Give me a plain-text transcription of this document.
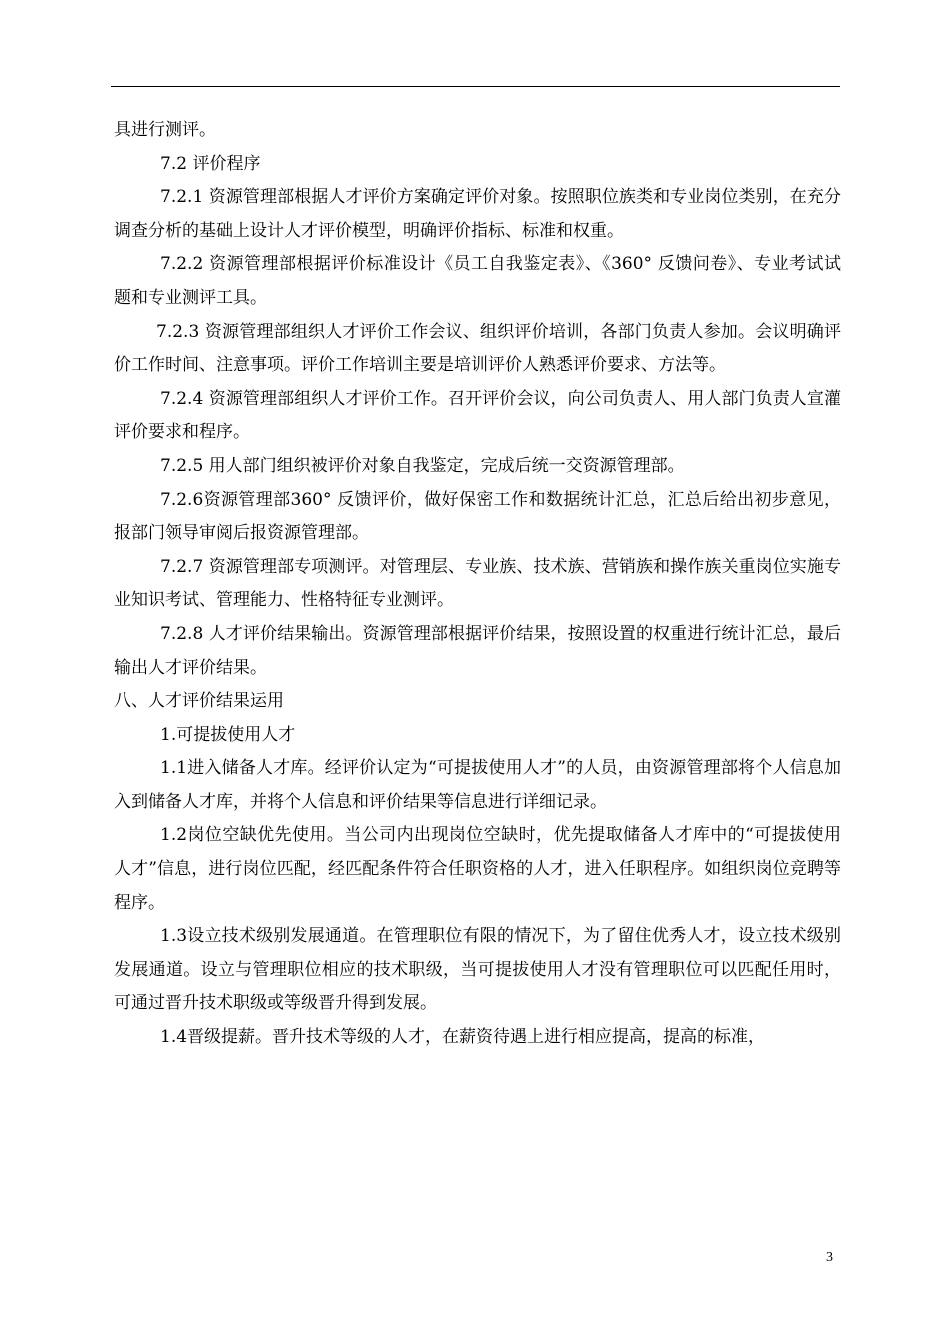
具进行测评。

7.2 评价程序

7.2.1 资源管理部根据人才评价方案确定评价对象。按照职位族类和专业岗位类别，在充分调查分析的基础上设计人才评价模型，明确评价指标、标准和权重。

7.2.2 资源管理部根据评价标准设计《员工自我鉴定表》、《360° 反馈问卷》、专业考试试题和专业测评工具。

7.2.3 资源管理部组织人才评价工作会议、组织评价培训，各部门负责人参加。会议明确评价工作时间、注意事项。评价工作培训主要是培训评价人熟悉评价要求、方法等。

7.2.4 资源管理部组织人才评价工作。召开评价会议，向公司负责人、用人部门负责人宣灌评价要求和程序。

7.2.5 用人部门组织被评价对象自我鉴定，完成后统一交资源管理部。

7.2.6资源管理部360° 反馈评价，做好保密工作和数据统计汇总，汇总后给出初步意见，报部门领导审阅后报资源管理部。

7.2.7 资源管理部专项测评。对管理层、专业族、技术族、营销族和操作族关重岗位实施专业知识考试、管理能力、性格特征专业测评。

7.2.8 人才评价结果输出。资源管理部根据评价结果，按照设置的权重进行统计汇总，最后输出人才评价结果。

八、人才评价结果运用

1.可提拔使用人才

1.1进入储备人才库。经评价认定为“可提拔使用人才”的人员，由资源管理部将个人信息加入到储备人才库，并将个人信息和评价结果等信息进行详细记录。

1.2岗位空缺优先使用。当公司内出现岗位空缺时，优先提取储备人才库中的“可提拔使用人才”信息，进行岗位匹配，经匹配条件符合任职资格的人才，进入任职程序。如组织岗位竞聘等程序。

1.3设立技术级别发展通道。在管理职位有限的情况下，为了留住优秀人才，设立技术级别发展通道。设立与管理职位相应的技术职级，当可提拔使用人才没有管理职位可以匹配任用时，可通过晋升技术职级或等级晋升得到发展。

1.4晋级提薪。晋升技术等级的人才，在薪资待遇上进行相应提高，提高的标准，

3
